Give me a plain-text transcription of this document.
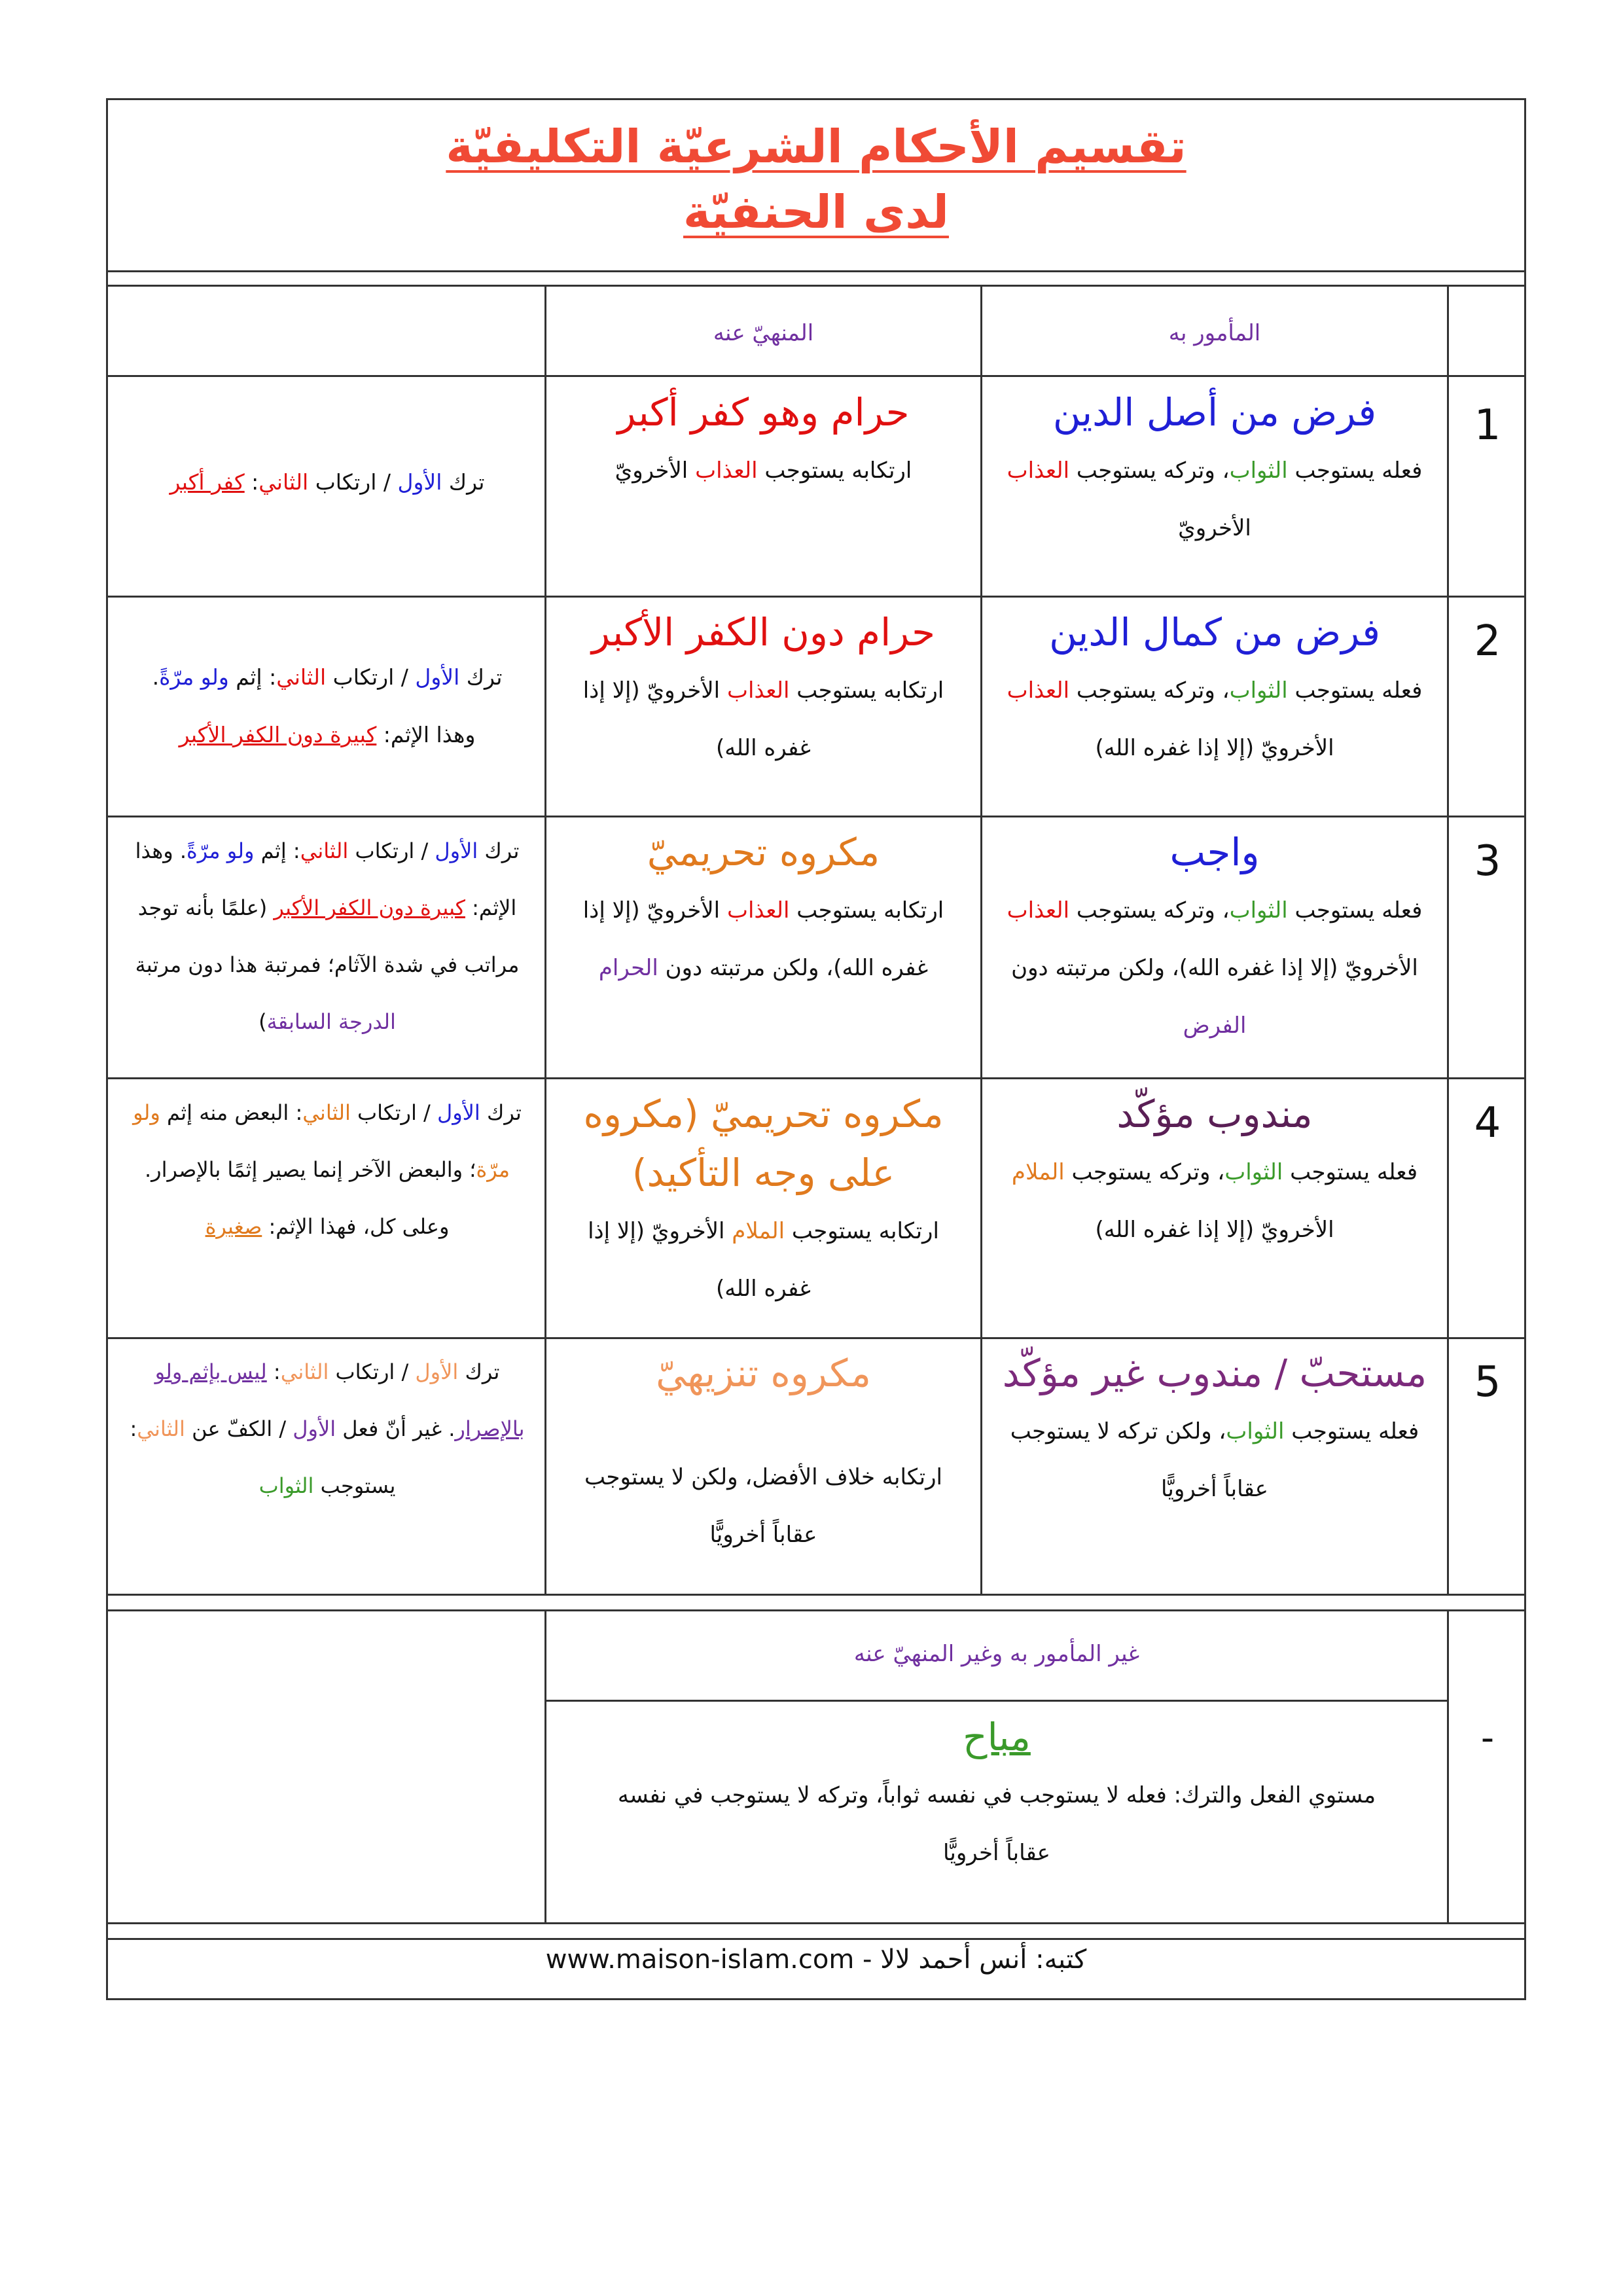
تقسيم الأحكام الشرعيّة التكليفيّة
لدى الحنفيّة
المأمور به
المنهيّ عنه
1
فرض من أصل الدين
فعله يستوجب الثواب، وتركه يستوجب العذاب الأخرويّ
حرام وهو كفر أكبر
ارتكابه يستوجب العذاب الأخرويّ
ترك الأول / ارتكاب الثاني: كفر أكبر
2
فرض من كمال الدين
فعله يستوجب الثواب، وتركه يستوجب العذاب الأخرويّ (إلا إذا غفره الله)
حرام دون الكفر الأكبر
ارتكابه يستوجب العذاب الأخرويّ (إلا إذا غفره الله)
ترك الأول / ارتكاب الثاني: إثم ولو مرّةً. وهذا الإثم: كبيرة دون الكفر الأكبر
3
واجب
فعله يستوجب الثواب، وتركه يستوجب العذاب الأخرويّ (إلا إذا غفره الله)، ولكن مرتبته دون الفرض
مكروه تحريميّ
ارتكابه يستوجب العذاب الأخرويّ (إلا إذا غفره الله)، ولكن مرتبته دون الحرام
ترك الأول / ارتكاب الثاني: إثم ولو مرّةً. وهذا الإثم: كبيرة دون الكفر الأكبر (علمًا بأنه توجد مراتب في شدة الآثام؛ فمرتبة هذا دون مرتبة الدرجة السابقة)
4
مندوب مؤكّد
فعله يستوجب الثواب، وتركه يستوجب الملام الأخرويّ (إلا إذا غفره الله)
مكروه تحريميّ (مكروه على وجه التأكيد)
ارتكابه يستوجب الملام الأخرويّ (إلا إذا غفره الله)
ترك الأول / ارتكاب الثاني: البعض منه إثم ولو مرّة؛ والبعض الآخر إنما يصير إثمًا بالإصرار. وعلى كل، فهذا الإثم: صغيرة
5
مستحبّ / مندوب غير مؤكّد
فعله يستوجب الثواب، ولكن تركه لا يستوجب عقاباً أخرويًّا
مكروه تنزيهيّ
ارتكابه خلاف الأفضل، ولكن لا يستوجب عقاباً أخرويًّا
ترك الأول / ارتكاب الثاني: ليس بإثم ولو بالإصرار. غير أنّ فعل الأول / الكفّ عن الثاني: يستوجب الثواب
غير المأمور به وغير المنهيّ عنه
-
مباح
مستوي الفعل والترك: فعله لا يستوجب في نفسه ثواباً، وتركه لا يستوجب في نفسه عقاباً أخرويًّا
كتبه: أنس أحمد لالا - www.maison-islam.com
